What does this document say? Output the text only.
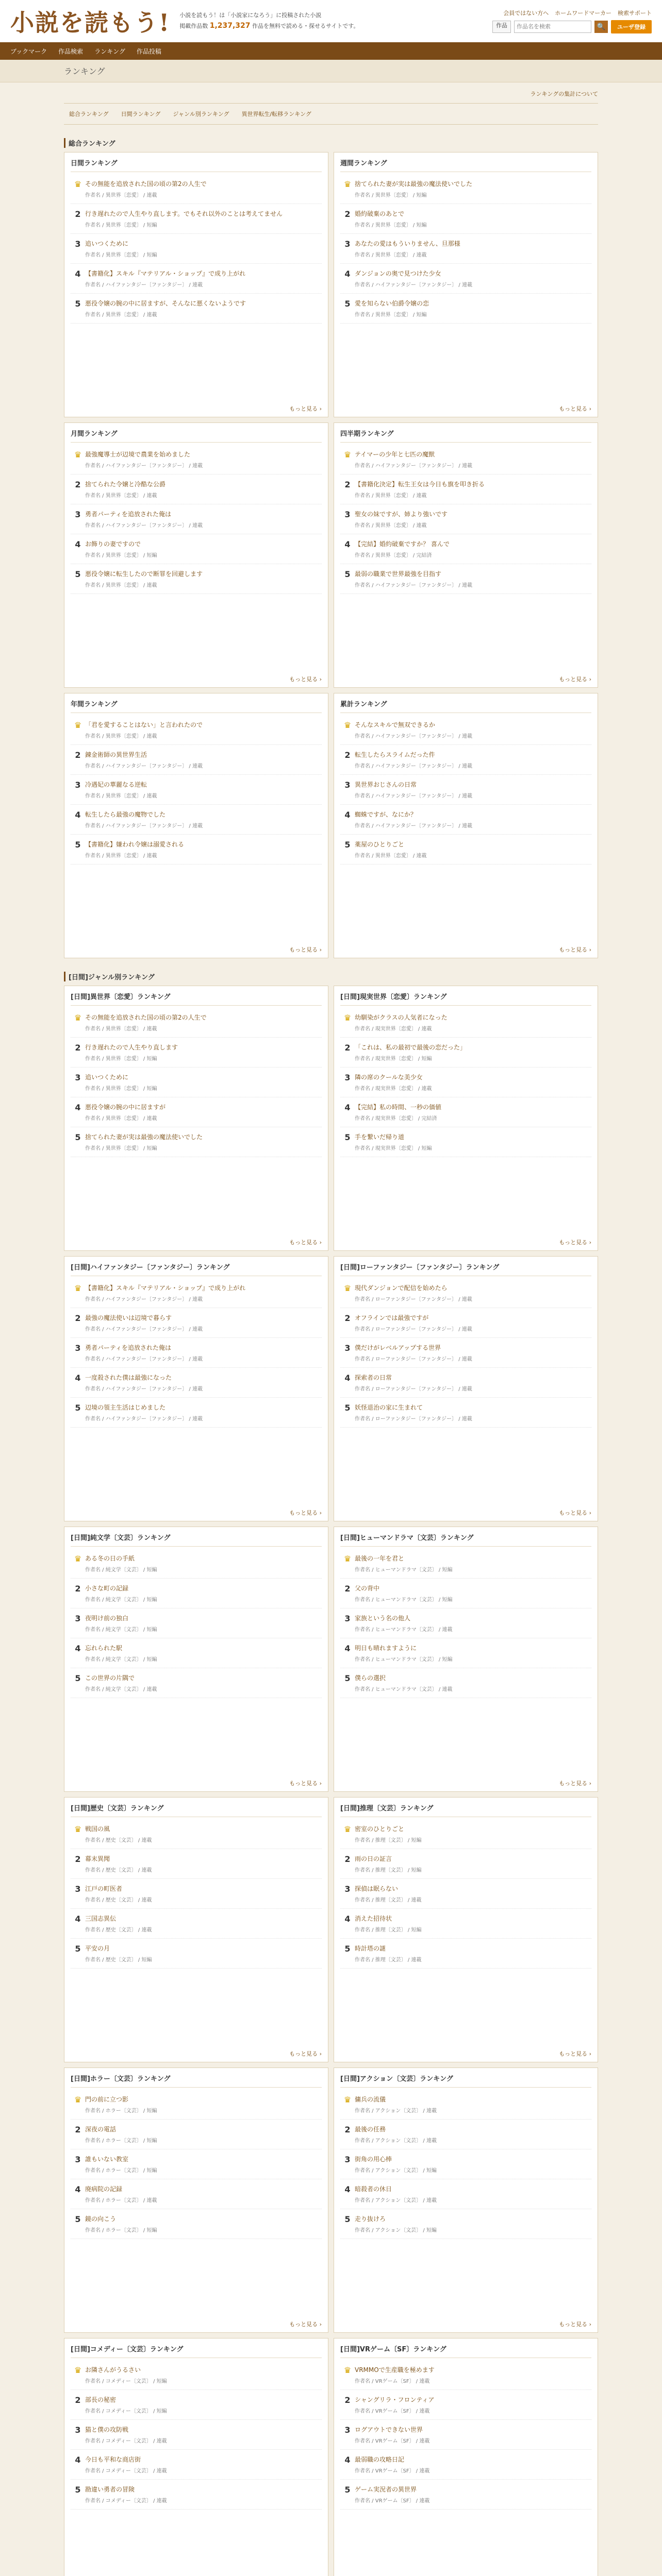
小説を読もう! 小説を読もう！は「小説家になろう」に投稿された小説
掲載作品数 1,237,327 作品を無料で読める・探せるサイトです。
会員ではない方へ ホームワードマーカー 検索サポート
作品
作品名を検索	🔍	ユーザ登録
ブックマーク 作品検索 ランキング 作品投稿
ランキング
ランキングの集計について
総合ランキング 日間ランキング ジャンル別ランキング 異世界転生/転移ランキング
総合ランキング
日間ランキング
♛ その無能を追放された国の頃の第2の人生で
作者名 / 異世界〔恋愛〕 / 連載
2 行き遅れたので人生やり直します。でもそれ以外のことは考えてません
作者名 / 異世界〔恋愛〕 / 短編
3 追いつくために
作者名 / 異世界〔恋愛〕 / 短編
4 【書籍化】スキル『マテリアル・ショップ』で成り上がれ
作者名 / ハイファンタジー〔ファンタジー〕 / 連載
5 悪役令嬢の腕の中に居ますが、そんなに悪くないようです
作者名 / 異世界〔恋愛〕 / 連載
もっと見る ›
週間ランキング
♛ 捨てられた妻が実は最強の魔法使いでした
作者名 / 異世界〔恋愛〕 / 短編
2 婚約破棄のあとで
作者名 / 異世界〔恋愛〕 / 短編
3 あなたの愛はもういりません、旦那様
作者名 / 異世界〔恋愛〕 / 連載
4 ダンジョンの奥で見つけた少女
作者名 / ハイファンタジー〔ファンタジー〕 / 連載
5 愛を知らない伯爵令嬢の恋
作者名 / 異世界〔恋愛〕 / 短編
もっと見る ›
月間ランキング
♛ 最強魔導士が辺境で農業を始めました
作者名 / ハイファンタジー〔ファンタジー〕 / 連載
2 捨てられた令嬢と冷酷な公爵
作者名 / 異世界〔恋愛〕 / 連載
3 勇者パーティを追放された俺は
作者名 / ハイファンタジー〔ファンタジー〕 / 連載
4 お飾りの妻ですので
作者名 / 異世界〔恋愛〕 / 短編
5 悪役令嬢に転生したので断罪を回避します
作者名 / 異世界〔恋愛〕 / 連載
もっと見る ›
四半期ランキング
♛ テイマーの少年と七匹の魔獣
作者名 / ハイファンタジー〔ファンタジー〕 / 連載
2 【書籍化決定】転生王女は今日も旗を叩き折る
作者名 / 異世界〔恋愛〕 / 連載
3 聖女の妹ですが、姉より強いです
作者名 / 異世界〔恋愛〕 / 連載
4 【完結】婚約破棄ですか？ 喜んで
作者名 / 異世界〔恋愛〕 / 完結済
5 最弱の職業で世界最強を目指す
作者名 / ハイファンタジー〔ファンタジー〕 / 連載
もっと見る ›
年間ランキング
♛ 「君を愛することはない」と言われたので
作者名 / 異世界〔恋愛〕 / 連載
2 錬金術師の異世界生活
作者名 / ハイファンタジー〔ファンタジー〕 / 連載
3 冷遇妃の華麗なる逆転
作者名 / 異世界〔恋愛〕 / 連載
4 転生したら最強の魔物でした
作者名 / ハイファンタジー〔ファンタジー〕 / 連載
5 【書籍化】嫌われ令嬢は溺愛される
作者名 / 異世界〔恋愛〕 / 連載
もっと見る ›
累計ランキング
♛ そんなスキルで無双できるか
作者名 / ハイファンタジー〔ファンタジー〕 / 連載
2 転生したらスライムだった件
作者名 / ハイファンタジー〔ファンタジー〕 / 連載
3 異世界おじさんの日常
作者名 / ハイファンタジー〔ファンタジー〕 / 連載
4 蜘蛛ですが、なにか？
作者名 / ハイファンタジー〔ファンタジー〕 / 連載
5 薬屋のひとりごと
作者名 / 異世界〔恋愛〕 / 連載
もっと見る ›
[日間]ジャンル別ランキング
[日間]異世界〔恋愛〕ランキング
♛ その無能を追放された国の頃の第2の人生で
作者名 / 異世界〔恋愛〕 / 連載
2 行き遅れたので人生やり直します
作者名 / 異世界〔恋愛〕 / 短編
3 追いつくために
作者名 / 異世界〔恋愛〕 / 短編
4 悪役令嬢の腕の中に居ますが
作者名 / 異世界〔恋愛〕 / 連載
5 捨てられた妻が実は最強の魔法使いでした
作者名 / 異世界〔恋愛〕 / 短編
もっと見る ›
[日間]現実世界〔恋愛〕ランキング
♛ 幼馴染がクラスの人気者になった
作者名 / 現実世界〔恋愛〕 / 連載
2 「これは、私の最初で最後の恋だった」
作者名 / 現実世界〔恋愛〕 / 短編
3 隣の席のクールな美少女
作者名 / 現実世界〔恋愛〕 / 連載
4 【完結】私の時間、一秒の価値
作者名 / 現実世界〔恋愛〕 / 完結済
5 手を繋いだ帰り道
作者名 / 現実世界〔恋愛〕 / 短編
もっと見る ›
[日間]ハイファンタジー〔ファンタジー〕ランキング
♛ 【書籍化】スキル『マテリアル・ショップ』で成り上がれ
作者名 / ハイファンタジー〔ファンタジー〕 / 連載
2 最強の魔法使いは辺境で暮らす
作者名 / ハイファンタジー〔ファンタジー〕 / 連載
3 勇者パーティを追放された俺は
作者名 / ハイファンタジー〔ファンタジー〕 / 連載
4 一度殺された僕は最強になった
作者名 / ハイファンタジー〔ファンタジー〕 / 連載
5 辺境の領主生活はじめました
作者名 / ハイファンタジー〔ファンタジー〕 / 連載
もっと見る ›
[日間]ローファンタジー〔ファンタジー〕ランキング
♛ 現代ダンジョンで配信を始めたら
作者名 / ローファンタジー〔ファンタジー〕 / 連載
2 オフラインでは最強ですが
作者名 / ローファンタジー〔ファンタジー〕 / 連載
3 僕だけがレベルアップする世界
作者名 / ローファンタジー〔ファンタジー〕 / 連載
4 探索者の日常
作者名 / ローファンタジー〔ファンタジー〕 / 連載
5 妖怪退治の家に生まれて
作者名 / ローファンタジー〔ファンタジー〕 / 連載
もっと見る ›
[日間]純文学〔文芸〕ランキング
♛ ある冬の日の手紙
作者名 / 純文学〔文芸〕 / 短編
2 小さな町の記録
作者名 / 純文学〔文芸〕 / 短編
3 夜明け前の独白
作者名 / 純文学〔文芸〕 / 短編
4 忘れられた駅
作者名 / 純文学〔文芸〕 / 短編
5 この世界の片隅で
作者名 / 純文学〔文芸〕 / 連載
もっと見る ›
[日間]ヒューマンドラマ〔文芸〕ランキング
♛ 最後の一年を君と
作者名 / ヒューマンドラマ〔文芸〕 / 短編
2 父の背中
作者名 / ヒューマンドラマ〔文芸〕 / 短編
3 家族という名の他人
作者名 / ヒューマンドラマ〔文芸〕 / 連載
4 明日も晴れますように
作者名 / ヒューマンドラマ〔文芸〕 / 短編
5 僕らの選択
作者名 / ヒューマンドラマ〔文芸〕 / 連載
もっと見る ›
[日間]歴史〔文芸〕ランキング
♛ 戦国の風
作者名 / 歴史〔文芸〕 / 連載
2 幕末異聞
作者名 / 歴史〔文芸〕 / 連載
3 江戸の町医者
作者名 / 歴史〔文芸〕 / 連載
4 三国志異伝
作者名 / 歴史〔文芸〕 / 連載
5 平安の月
作者名 / 歴史〔文芸〕 / 短編
もっと見る ›
[日間]推理〔文芸〕ランキング
♛ 密室のひとりごと
作者名 / 推理〔文芸〕 / 短編
2 雨の日の証言
作者名 / 推理〔文芸〕 / 短編
3 探偵は眠らない
作者名 / 推理〔文芸〕 / 連載
4 消えた招待状
作者名 / 推理〔文芸〕 / 短編
5 時計塔の謎
作者名 / 推理〔文芸〕 / 連載
もっと見る ›
[日間]ホラー〔文芸〕ランキング
♛ 門の前に立つ影
作者名 / ホラー〔文芸〕 / 短編
2 深夜の電話
作者名 / ホラー〔文芸〕 / 短編
3 誰もいない教室
作者名 / ホラー〔文芸〕 / 短編
4 廃病院の記録
作者名 / ホラー〔文芸〕 / 連載
5 鏡の向こう
作者名 / ホラー〔文芸〕 / 短編
もっと見る ›
[日間]アクション〔文芸〕ランキング
♛ 傭兵の流儀
作者名 / アクション〔文芸〕 / 連載
2 最後の任務
作者名 / アクション〔文芸〕 / 連載
3 街角の用心棒
作者名 / アクション〔文芸〕 / 短編
4 暗殺者の休日
作者名 / アクション〔文芸〕 / 連載
5 走り抜けろ
作者名 / アクション〔文芸〕 / 短編
もっと見る ›
[日間]コメディー〔文芸〕ランキング
♛ お隣さんがうるさい
作者名 / コメディー〔文芸〕 / 短編
2 部長の秘密
作者名 / コメディー〔文芸〕 / 短編
3 猫と僕の攻防戦
作者名 / コメディー〔文芸〕 / 連載
4 今日も平和な商店街
作者名 / コメディー〔文芸〕 / 連載
5 勘違い勇者の冒険
作者名 / コメディー〔文芸〕 / 連載
[日間]VRゲーム〔SF〕ランキング
♛ VRMMOで生産職を極めます
作者名 / VRゲーム〔SF〕 / 連載
2 シャングリラ・フロンティア
作者名 / VRゲーム〔SF〕 / 連載
3 ログアウトできない世界
作者名 / VRゲーム〔SF〕 / 連載
4 最弱職の攻略日記
作者名 / VRゲーム〔SF〕 / 連載
5 ゲーム実況者の異世界
作者名 / VRゲーム〔SF〕 / 連載
